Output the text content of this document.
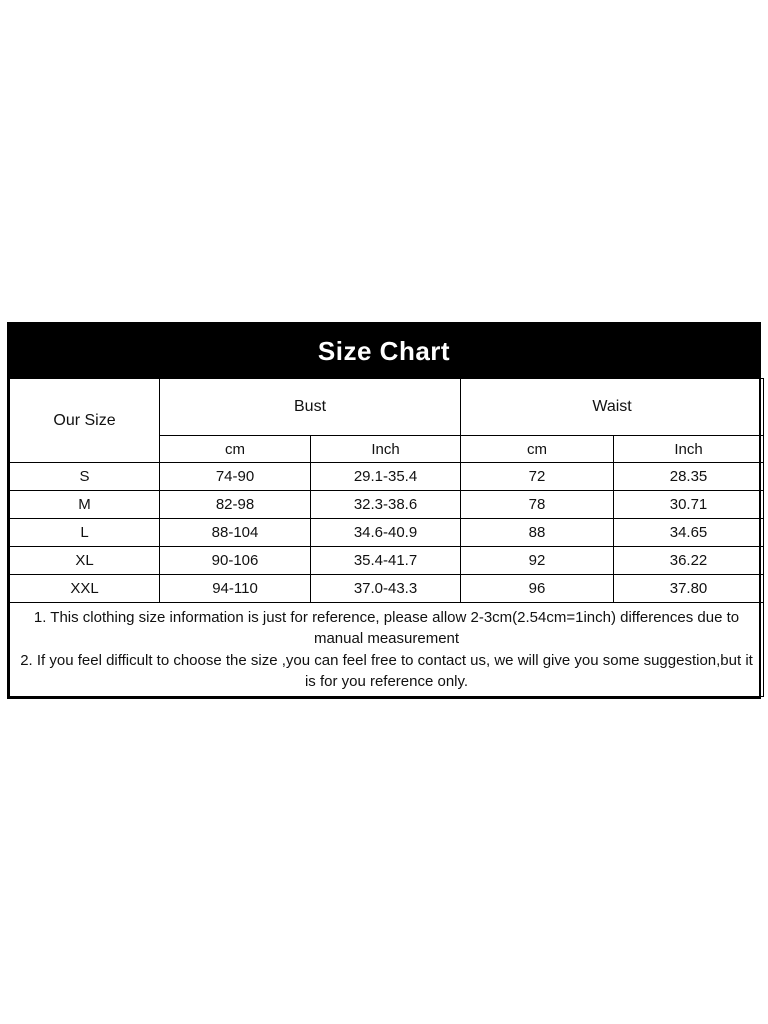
Size Chart
Our Size	Bust		Waist	
	cm	Inch	cm	Inch
S	74-90	29.1-35.4	72	28.35
M	82-98	32.3-38.6	78	30.71
L	88-104	34.6-40.9	88	34.65
XL	90-106	35.4-41.7	92	36.22
XXL	94-110	37.0-43.3	96	37.80

1. This clothing size information is just for reference, please allow 2-3cm(2.54cm=1inch) differences due to manual measurement
2. If you feel difficult to choose the size ,you can feel free to contact us, we will give you some suggestion,but it is for you reference only.				
